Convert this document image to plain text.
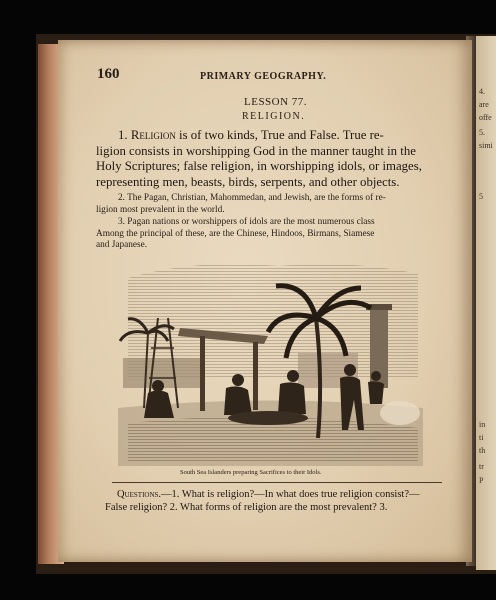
4.
are
offe
5.
simi
5
in
ti
th
tr
P
160	PRIMARY GEOGRAPHY.
LESSON 77.
RELIGION.
1. Religion is of two kinds, True and False. True re-
ligion consists in worshipping God in the manner taught in the
Holy Scriptures; false religion, in worshipping idols, or images,
representing men, beasts, birds, serpents, and other objects.
2. The Pagan, Christian, Mahommedan, and Jewish, are the forms of re-
ligion most prevalent in the world.
3. Pagan nations or worshippers of idols are the most numerous class
Among the principal of these, are the Chinese, Hindoos, Birmans, Siamese
and Japanese.
South Sea Islanders preparing Sacrifices to their Idols.
Questions.—1. What is religion?—In what does true religion consist?—
False religion? 2. What forms of religion are the most prevalent? 3.
